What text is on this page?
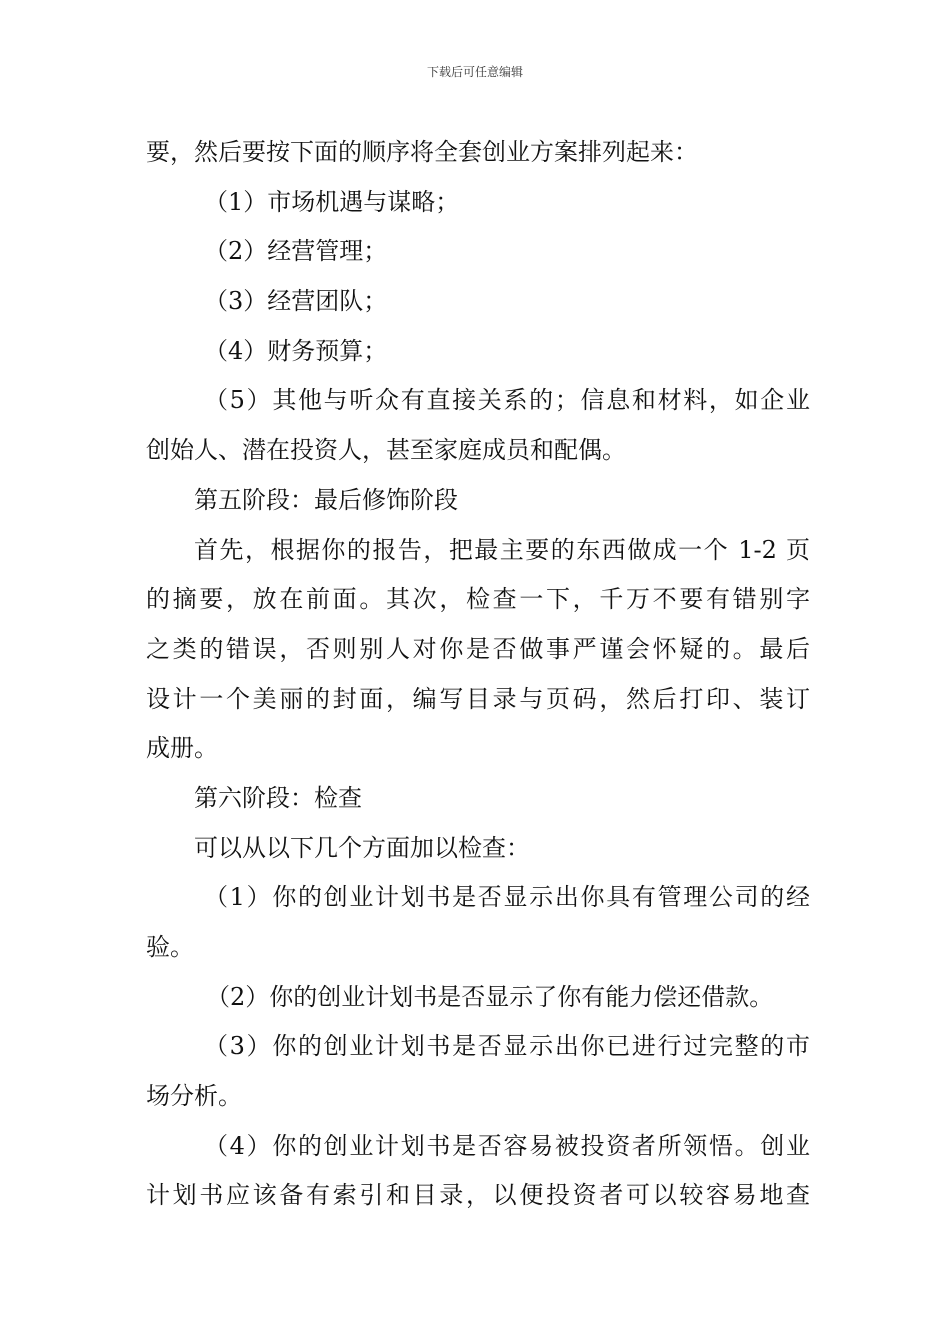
下载后可任意编辑
要，然后要按下面的顺序将全套创业方案排列起来：
（1）市场机遇与谋略；
（2）经营管理；
（3）经营团队；
（4）财务预算；
（5）其他与听众有直接关系的；信息和材料，如企业
创始人、潜在投资人，甚至家庭成员和配偶。
第五阶段：最后修饰阶段
首先，根据你的报告，把最主要的东西做成一个 1-2 页
的摘要，放在前面。其次，检查一下，千万不要有错别字
之类的错误，否则别人对你是否做事严谨会怀疑的。最后
设计一个美丽的封面，编写目录与页码，然后打印、装订
成册。
第六阶段：检查
可以从以下几个方面加以检查：
（1）你的创业计划书是否显示出你具有管理公司的经
验。
（2）你的创业计划书是否显示了你有能力偿还借款。
（3）你的创业计划书是否显示出你已进行过完整的市
场分析。
（4）你的创业计划书是否容易被投资者所领悟。创业
计划书应该备有索引和目录，以便投资者可以较容易地查
